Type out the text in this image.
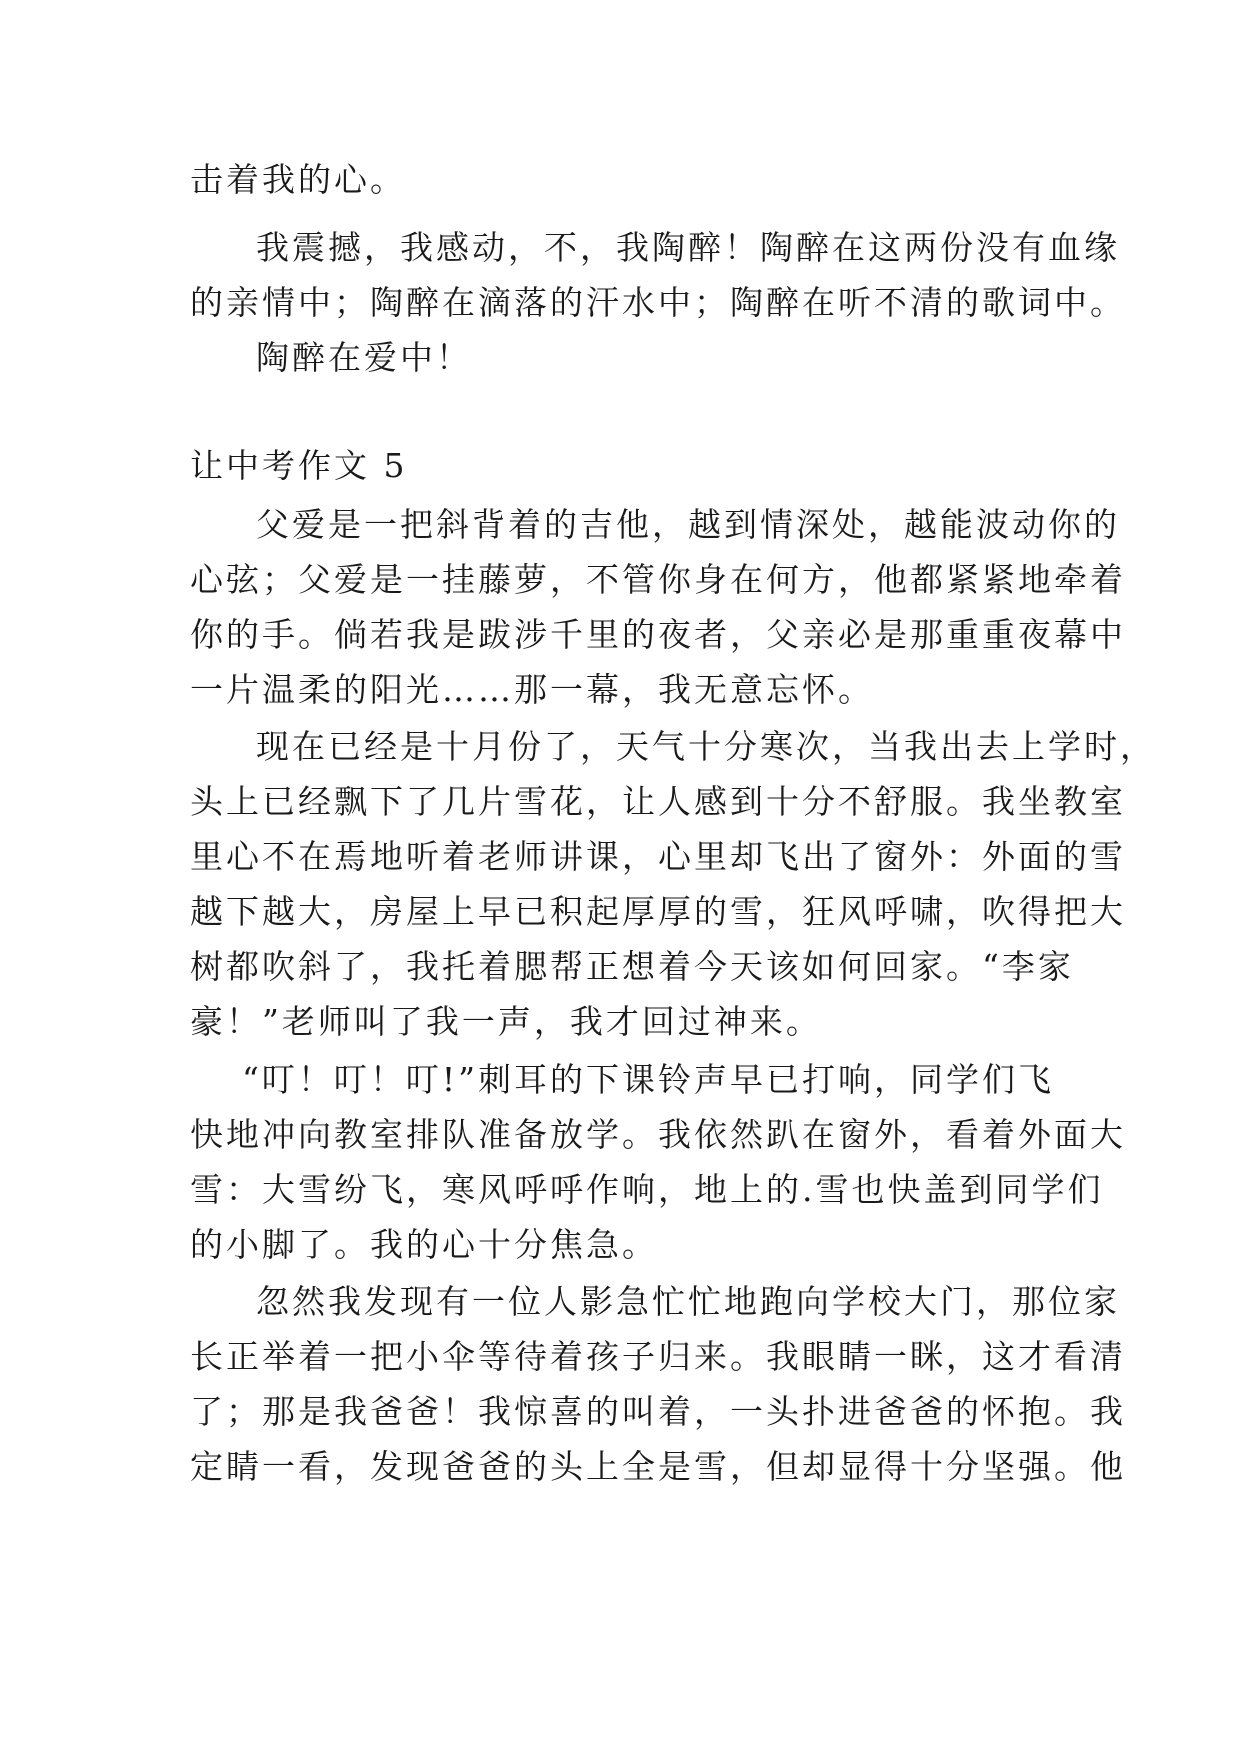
击着我的心。
我震撼，我感动，不，我陶醉！陶醉在这两份没有血缘
的亲情中；陶醉在滴落的汗水中；陶醉在听不清的歌词中。
陶醉在爱中！
让中考作文 5
父爱是一把斜背着的吉他，越到情深处，越能波动你的
心弦；父爱是一挂藤萝，不管你身在何方，他都紧紧地牵着
你的手。倘若我是跋涉千里的夜者，父亲必是那重重夜幕中
一片温柔的阳光……那一幕，我无意忘怀。
现在已经是十月份了，天气十分寒次，当我出去上学时，
头上已经飘下了几片雪花，让人感到十分不舒服。我坐教室
里心不在焉地听着老师讲课，心里却飞出了窗外：外面的雪
越下越大，房屋上早已积起厚厚的雪，狂风呼啸，吹得把大
树都吹斜了，我托着腮帮正想着今天该如何回家。“李家
豪！”老师叫了我一声，我才回过神来。
“叮！叮！叮!”刺耳的下课铃声早已打响，同学们飞
快地冲向教室排队准备放学。我依然趴在窗外，看着外面大
雪：大雪纷飞，寒风呼呼作响，地上的.雪也快盖到同学们
的小脚了。我的心十分焦急。
忽然我发现有一位人影急忙忙地跑向学校大门，那位家
长正举着一把小伞等待着孩子归来。我眼睛一眯，这才看清
了；那是我爸爸！我惊喜的叫着，一头扑进爸爸的怀抱。我
定睛一看，发现爸爸的头上全是雪，但却显得十分坚强。他
